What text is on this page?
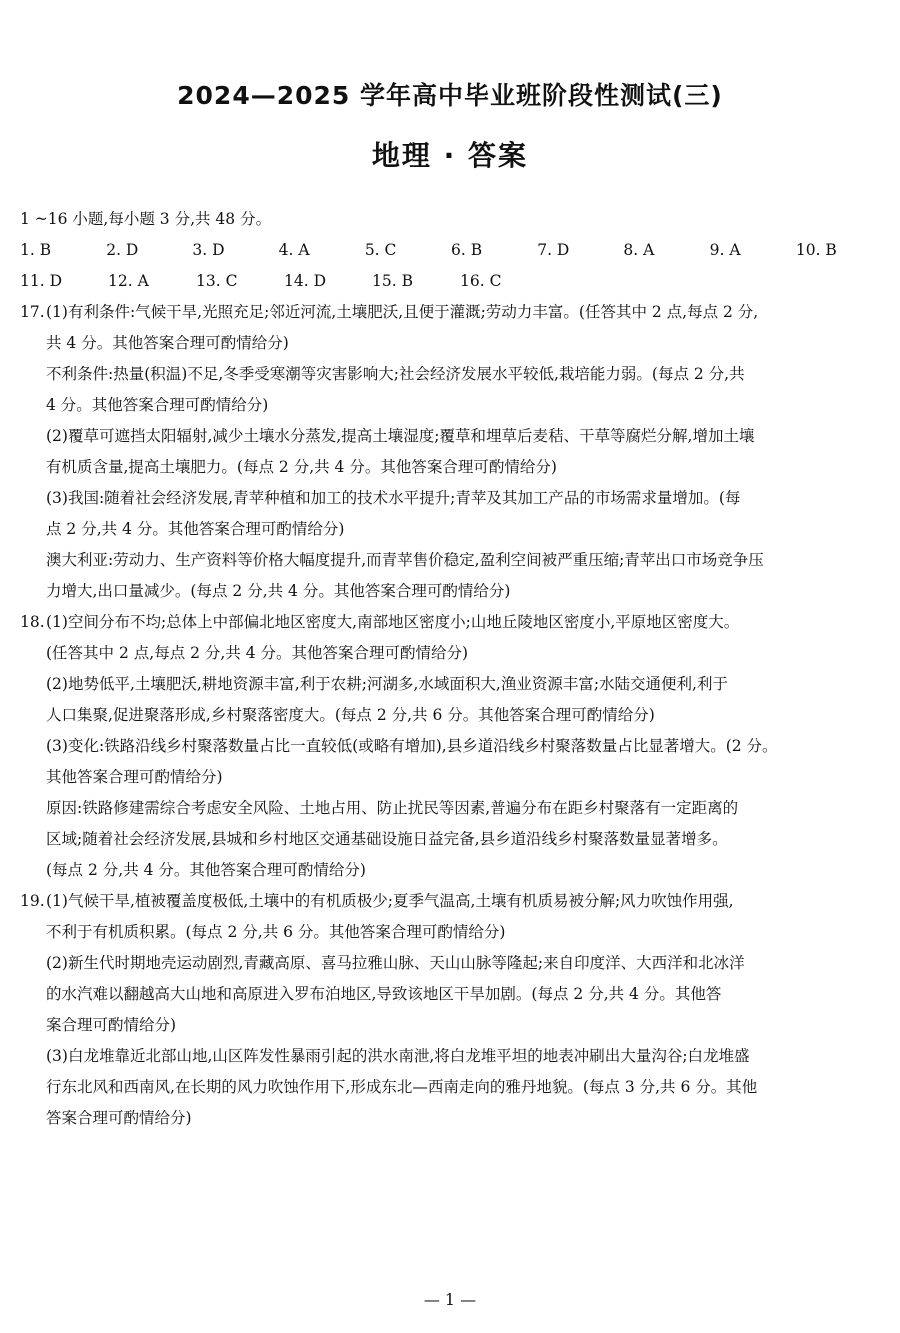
2024—2025 学年高中毕业班阶段性测试(三)
地理 · 答案
1 ~16 小题,每小题 3 分,共 48 分。
1. B	2. D	3. D	4. A	5. C	6. B	7. D	8. A	9. A	10. B
11. D	12. A	13. C	14. D	15. B	16. C
17.(1)有利条件:气候干旱,光照充足;邻近河流,土壤肥沃,且便于灌溉;劳动力丰富。(任答其中 2 点,每点 2 分,
共 4 分。其他答案合理可酌情给分)
不利条件:热量(积温)不足,冬季受寒潮等灾害影响大;社会经济发展水平较低,栽培能力弱。(每点 2 分,共
4 分。其他答案合理可酌情给分)
(2)覆草可遮挡太阳辐射,减少土壤水分蒸发,提高土壤湿度;覆草和埋草后麦秸、干草等腐烂分解,增加土壤
有机质含量,提高土壤肥力。(每点 2 分,共 4 分。其他答案合理可酌情给分)
(3)我国:随着社会经济发展,青苹种植和加工的技术水平提升;青苹及其加工产品的市场需求量增加。(每
点 2 分,共 4 分。其他答案合理可酌情给分)
澳大利亚:劳动力、生产资料等价格大幅度提升,而青苹售价稳定,盈利空间被严重压缩;青苹出口市场竞争压
力增大,出口量减少。(每点 2 分,共 4 分。其他答案合理可酌情给分)
18.(1)空间分布不均;总体上中部偏北地区密度大,南部地区密度小;山地丘陵地区密度小,平原地区密度大。
(任答其中 2 点,每点 2 分,共 4 分。其他答案合理可酌情给分)
(2)地势低平,土壤肥沃,耕地资源丰富,利于农耕;河湖多,水域面积大,渔业资源丰富;水陆交通便利,利于
人口集聚,促进聚落形成,乡村聚落密度大。(每点 2 分,共 6 分。其他答案合理可酌情给分)
(3)变化:铁路沿线乡村聚落数量占比一直较低(或略有增加),县乡道沿线乡村聚落数量占比显著增大。(2 分。
其他答案合理可酌情给分)
原因:铁路修建需综合考虑安全风险、土地占用、防止扰民等因素,普遍分布在距乡村聚落有一定距离的
区域;随着社会经济发展,县城和乡村地区交通基础设施日益完备,县乡道沿线乡村聚落数量显著增多。
(每点 2 分,共 4 分。其他答案合理可酌情给分)
19.(1)气候干旱,植被覆盖度极低,土壤中的有机质极少;夏季气温高,土壤有机质易被分解;风力吹蚀作用强,
不利于有机质积累。(每点 2 分,共 6 分。其他答案合理可酌情给分)
(2)新生代时期地壳运动剧烈,青藏高原、喜马拉雅山脉、天山山脉等隆起;来自印度洋、大西洋和北冰洋
的水汽难以翻越高大山地和高原进入罗布泊地区,导致该地区干旱加剧。(每点 2 分,共 4 分。其他答
案合理可酌情给分)
(3)白龙堆靠近北部山地,山区阵发性暴雨引起的洪水南泄,将白龙堆平坦的地表冲刷出大量沟谷;白龙堆盛
行东北风和西南风,在长期的风力吹蚀作用下,形成东北—西南走向的雅丹地貌。(每点 3 分,共 6 分。其他
答案合理可酌情给分)
— 1 —
